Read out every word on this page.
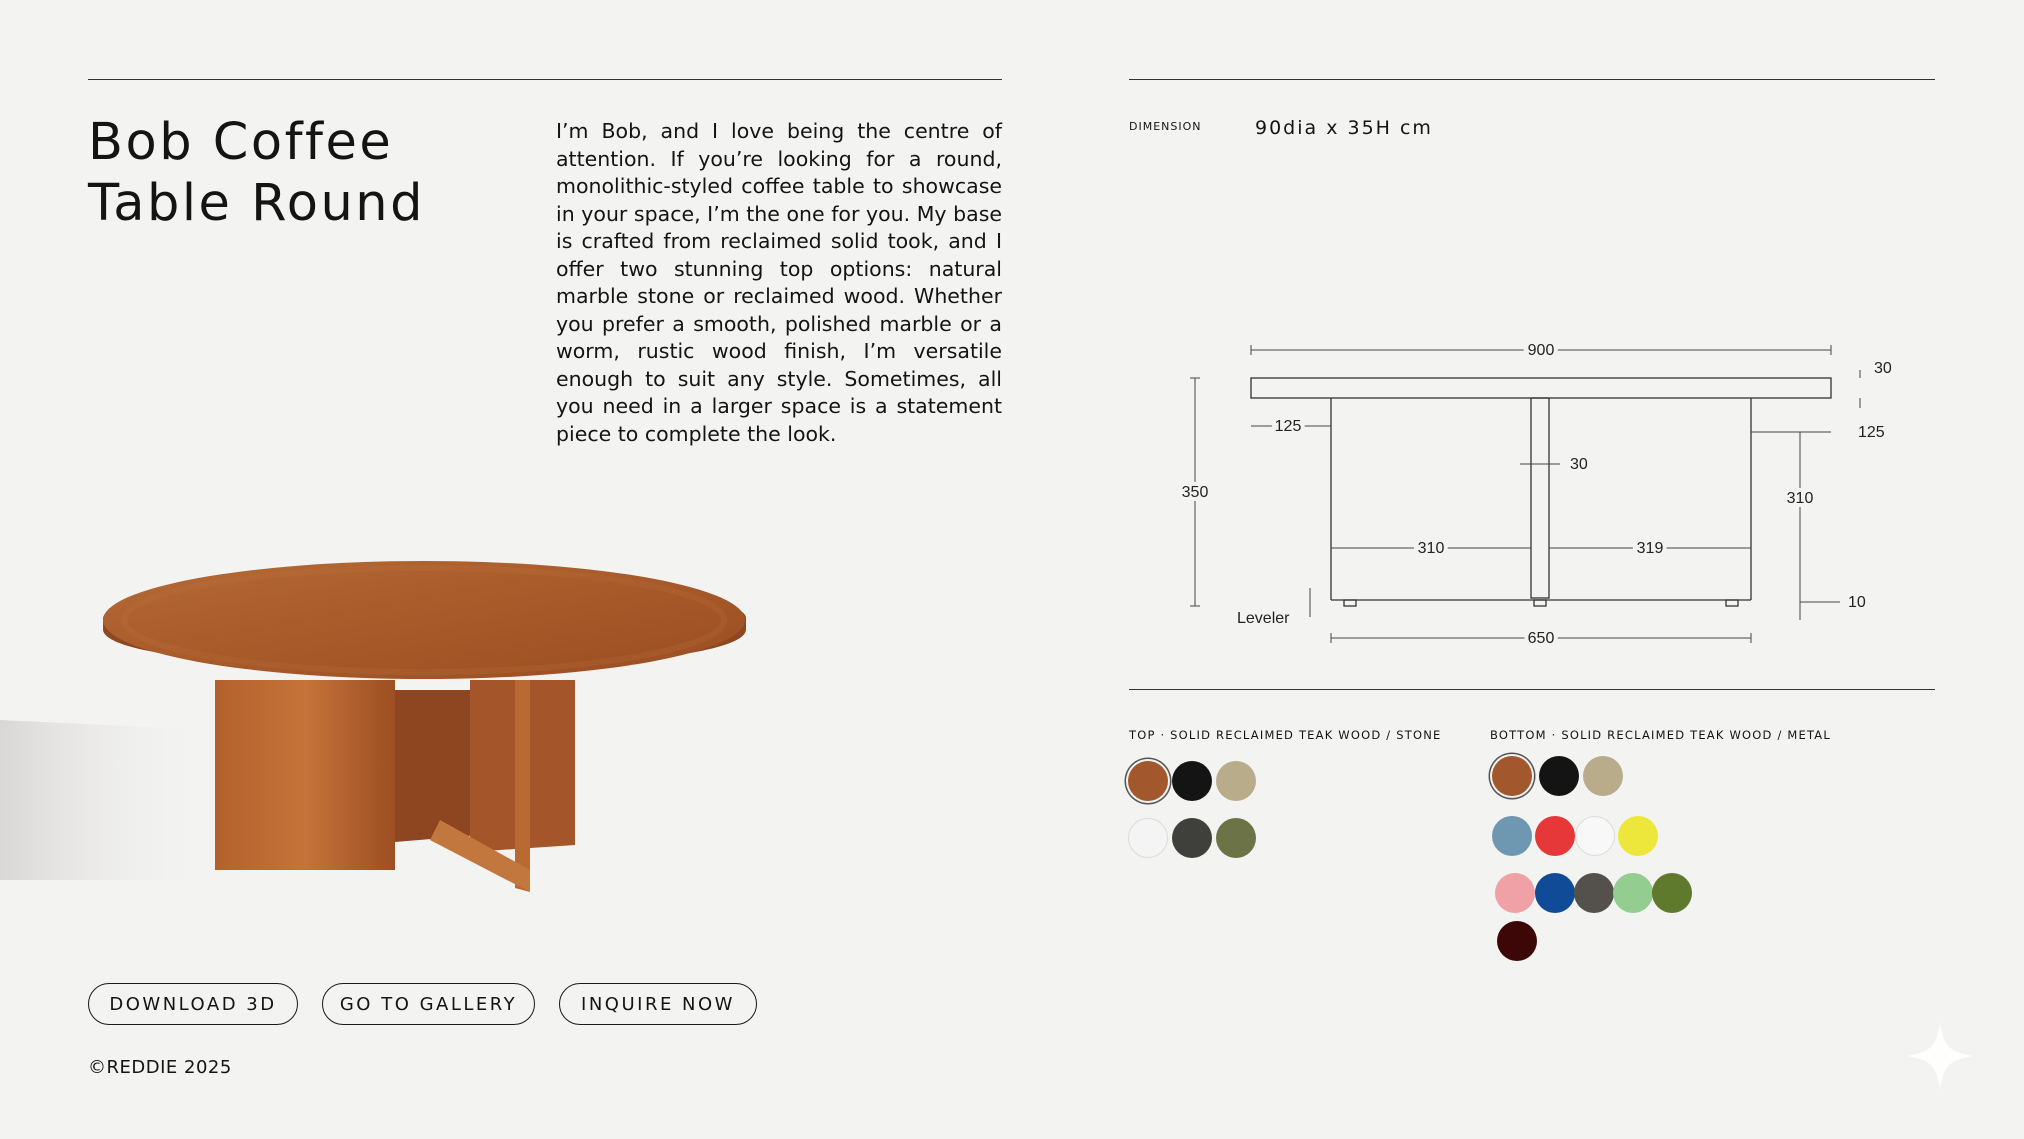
Bob Coffee
Table Round

I’m Bob, and I love being the centre of attention. If you’re looking for a round, monolithic-styled coffee table to showcase in your space, I’m the one for you. My base is crafted from reclaimed solid took, and I offer two stunning top options: natural marble stone or reclaimed wood. Whether you prefer a smooth, polished marble or a worm, rustic wood finish, I’m versatile enough to suit any style. Sometimes, all you need in a larger space is a statement piece to complete the look.

DIMENSION	90dia x 35H cm
900
30
125	125
30
350	310
310	319
10
Leveler
650
TOP · SOLID RECLAIMED TEAK WOOD / STONE	BOTTOM · SOLID RECLAIMED TEAK WOOD / METAL
DOWNLOAD 3D	GO TO GALLERY	INQUIRE NOW
©REDDIE 2025
